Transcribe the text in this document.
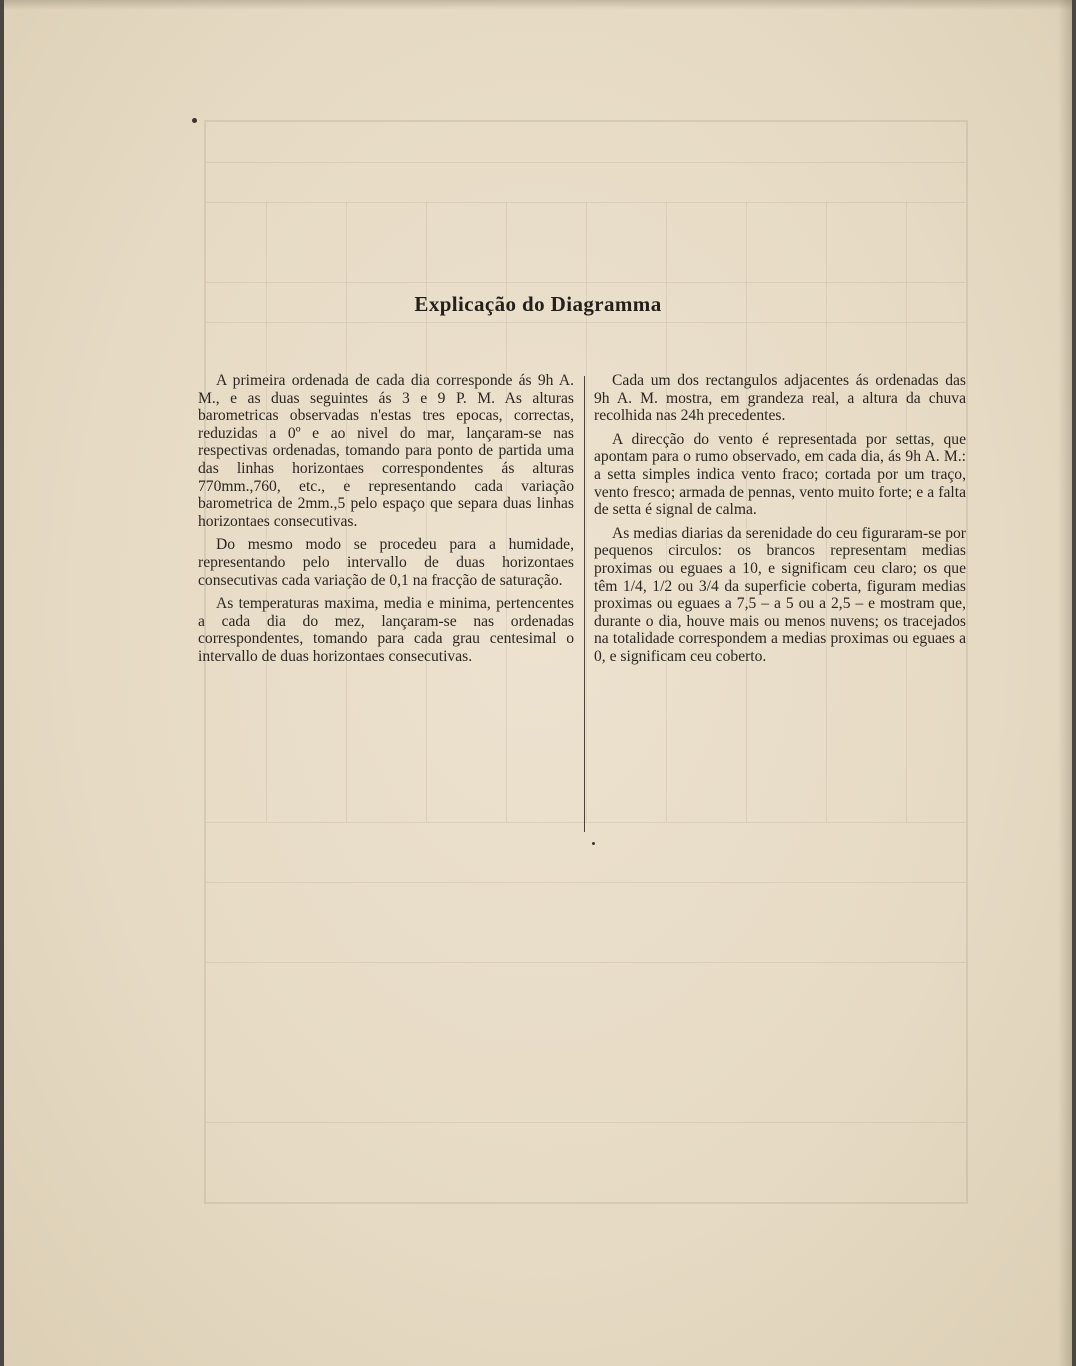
Explicação do Diagramma

A primeira ordenada de cada dia corresponde ás 9h A. M., e as duas seguintes ás 3 e 9 P. M. As alturas barometricas observadas n'estas tres epocas, correctas, reduzidas a 0º e ao nivel do mar, lançaram-se nas respectivas ordenadas, tomando para ponto de partida uma das linhas horizontaes correspondentes ás alturas 770mm.,760, etc., e representando cada variação barometrica de 2mm.,5 pelo espaço que separa duas linhas horizontaes consecutivas.

Do mesmo modo se procedeu para a humidade, representando pelo intervallo de duas horizontaes consecutivas cada variação de 0,1 na fracção de saturação.

As temperaturas maxima, media e minima, pertencentes a cada dia do mez, lançaram-se nas ordenadas correspondentes, tomando para cada grau centesimal o intervallo de duas horizontaes consecutivas.

Cada um dos rectangulos adjacentes ás ordenadas das 9h A. M. mostra, em grandeza real, a altura da chuva recolhida nas 24h precedentes.

A direcção do vento é representada por settas, que apontam para o rumo observado, em cada dia, ás 9h A. M.: a setta simples indica vento fraco; cortada por um traço, vento fresco; armada de pennas, vento muito forte; e a falta de setta é signal de calma.

As medias diarias da serenidade do ceu figuraram-se por pequenos circulos: os brancos representam medias proximas ou eguaes a 10, e significam ceu claro; os que têm 1/4, 1/2 ou 3/4 da superficie coberta, figuram medias proximas ou eguaes a 7,5 – a 5 ou a 2,5 – e mostram que, durante o dia, houve mais ou menos nuvens; os tracejados na totalidade correspondem a medias proximas ou eguaes a 0, e significam ceu coberto.
